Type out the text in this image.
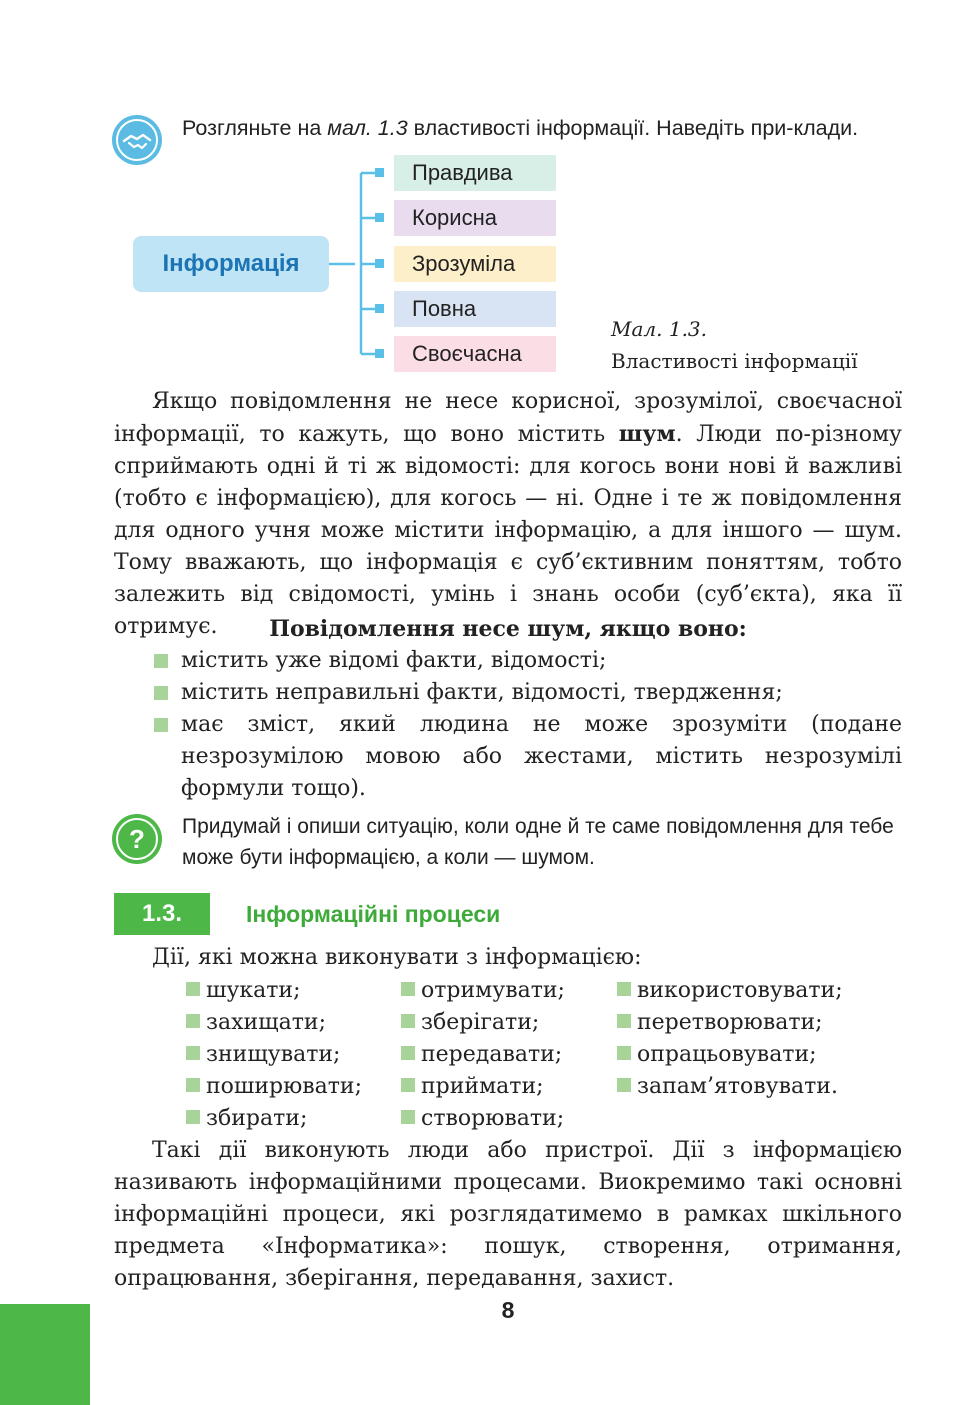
Розгляньте на мал. 1.3 властивості інформації. Наведіть при-клади.
Інформація
Правдива
Корисна
Зрозуміла
Повна
Своєчасна
Мал. 1.3.
Властивості інформації
Якщо повідомлення не несе корисної, зрозумілої, своєчасної інформації, то кажуть, що воно містить шум. Люди по-різному сприймають одні й ті ж відомості: для когось вони нові й важливі (тобто є інформацією), для когось — ні. Одне і те ж повідомлення для одного учня може містити інформацію, а для іншого — шум. Тому вважають, що інформація є суб’єктивним поняттям, тобто залежить від свідомості, умінь і знань особи (суб’єкта), яка її отримує.	Повідомлення несе шум, якщо воно:
містить уже відомі факти, відомості;
містить неправильні факти, відомості, твердження;
має зміст, який людина не може зрозуміти (подане незрозумілою мовою або жестами, містить незрозумілі формули тощо).
? Придумай і опиши ситуацію, коли одне й те саме повідомлення для тебе може бути інформацією, а коли — шумом.
1.3.	Інформаційні процеси
Дії, які можна виконувати з інформацією:
шукати;
захищати;
знищувати;
поширювати;
збирати;
отримувати;
зберігати;
передавати;
приймати;
створювати;
використовувати;
перетворювати;
опрацьовувати;
запам’ятовувати.
Такі дії виконують люди або пристрої. Дії з інформацією називають інформаційними процесами. Виокремимо такі основні інформаційні процеси, які розглядатимемо в рамках шкільного предмета «Інформатика»: пошук, створення, отримання, опрацювання, зберігання, передавання, захист.
8
